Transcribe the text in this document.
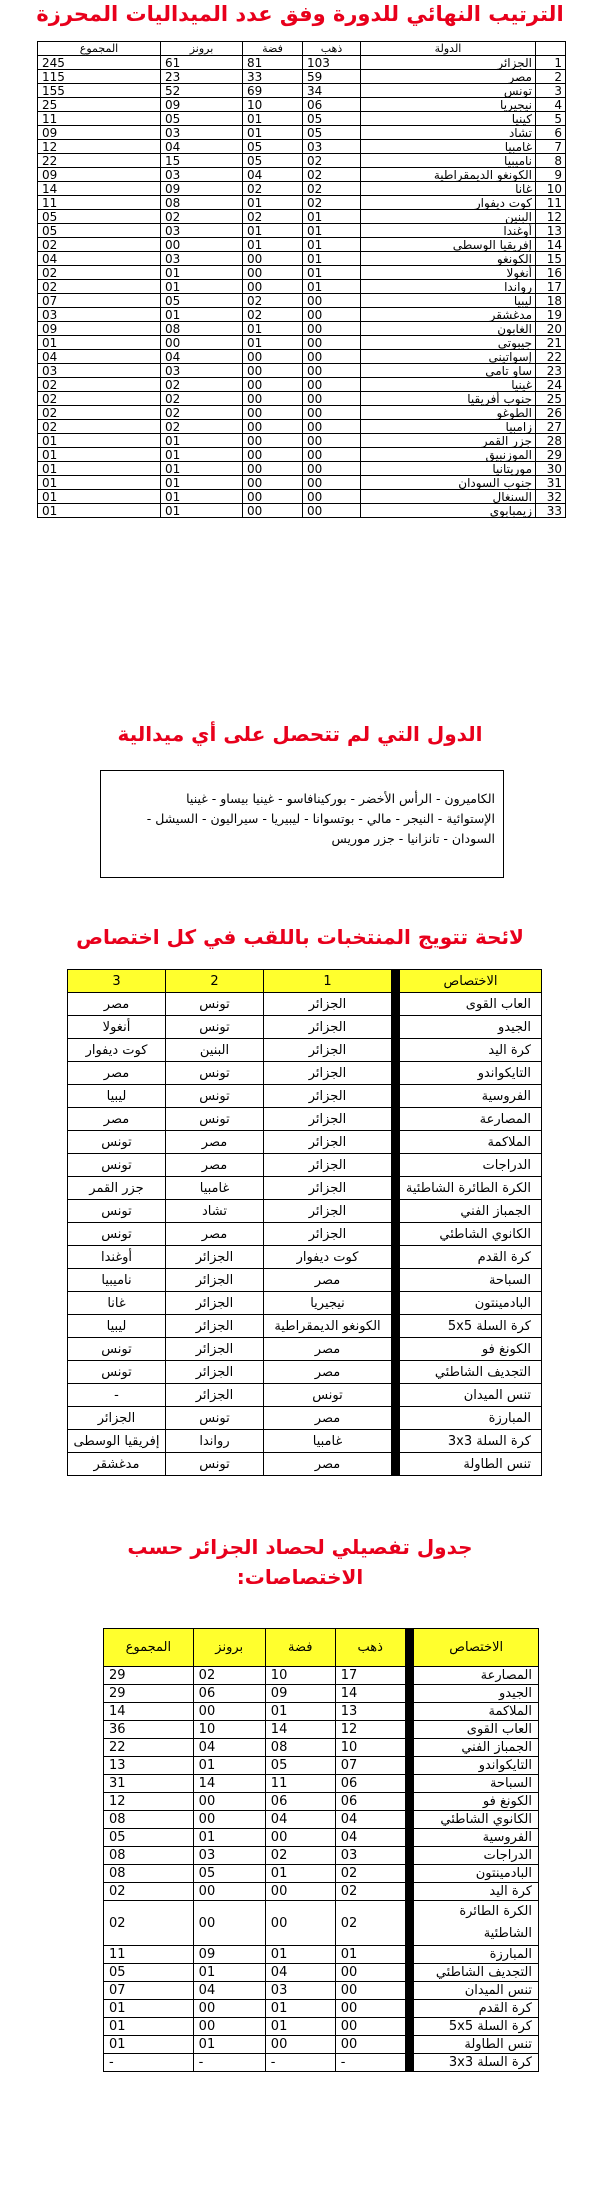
الترتيب النهائي للدورة وفق عدد الميداليات المحرزة
	الدولة	ذهب	فضة	برونز	المجموع
1	الجزائر	103	81	61	245
2	مصر	59	33	23	115
3	تونس	34	69	52	155
4	نيجيريا	06	10	09	25
5	كينيا	05	01	05	11
6	تشاد	05	01	03	09
7	غامبيا	03	05	04	12
8	ناميبيا	02	05	15	22
9	الكونغو الديمقراطية	02	04	03	09
10	غانا	02	02	09	14
11	كوت ديفوار	02	01	08	11
12	البنين	01	02	02	05
13	أوغندا	01	01	03	05
14	إفريقيا الوسطى	01	01	00	02
15	الكونغو	01	00	03	04
16	أنغولا	01	00	01	02
17	رواندا	01	00	01	02
18	ليبيا	00	02	05	07
19	مدغشقر	00	02	01	03
20	الغابون	00	01	08	09
21	جيبوتي	00	01	00	01
22	إسواتيني	00	00	04	04
23	ساو تامي	00	00	03	03
24	غينيا	00	00	02	02
25	جنوب أفريقيا	00	00	02	02
26	الطوغو	00	00	02	02
27	زامبيا	00	00	02	02
28	جزر القمر	00	00	01	01
29	الموزنبيق	00	00	01	01
30	موريتانيا	00	00	01	01
31	جنوب السودان	00	00	01	01
32	السنغال	00	00	01	01
33	زيمبابوي	00	00	01	01
الدول التي لم تتحصل على أي ميدالية
الكاميرون - الرأس الأخضر - بوركينافاسو - غينيا بيساو - غينيا
الإستوائية - النيجر - مالي - بوتسوانا - ليبيريا - سيراليون - السيشل -
السودان - تانزانيا - جزر موريس
لائحة تتويج المنتخبات باللقب في كل اختصاص
الاختصاص		1	2	3
العاب القوى		الجزائر	تونس	مصر
الجيدو		الجزائر	تونس	أنغولا
كرة اليد		الجزائر	البنين	كوت ديفوار
التايكواندو		الجزائر	تونس	مصر
الفروسية		الجزائر	تونس	ليبيا
المصارعة		الجزائر	تونس	مصر
الملاكمة		الجزائر	مصر	تونس
الدراجات		الجزائر	مصر	تونس
الكرة الطائرة الشاطئية		الجزائر	غامبيا	جزر القمر
الجمباز الفني		الجزائر	تشاد	تونس
الكانوي الشاطئي		الجزائر	مصر	تونس
كرة القدم		كوت ديفوار	الجزائر	أوغندا
السباحة		مصر	الجزائر	ناميبيا
البادمينتون		نيجيريا	الجزائر	غانا
كرة السلة 5x5		الكونغو الديمقراطية	الجزائر	ليبيا
الكونغ فو		مصر	الجزائر	تونس
التجديف الشاطئي		مصر	الجزائر	تونس
تنس الميدان		تونس	الجزائر	-
المبارزة		مصر	تونس	الجزائر
كرة السلة 3x3		غامبيا	رواندا	إفريقيا الوسطى
تنس الطاولة		مصر	تونس	مدغشقر
جدول تفصيلي لحصاد الجزائر حسب
الاختصاصات:
الاختصاص		ذهب	فضة	برونز	المجموع
المصارعة		17	10	02	29
الجيدو		14	09	06	29
الملاكمة		13	01	00	14
العاب القوى		12	14	10	36
الجمباز الفني		10	08	04	22
التايكواندو		07	05	01	13
السباحة		06	11	14	31
الكونغ فو		06	06	00	12
الكانوي الشاطئي		04	04	00	08
الفروسية		04	00	01	05
الدراجات		03	02	03	08
البادمينتون		02	01	05	08
كرة اليد		02	00	00	02
الكرة الطائرة الشاطئية		02	00	00	02
المبارزة		01	01	09	11
التجديف الشاطئي		00	04	01	05
تنس الميدان		00	03	04	07
كرة القدم		00	01	00	01
كرة السلة 5x5		00	01	00	01
تنس الطاولة		00	00	01	01
كرة السلة 3x3		-	-	-	-
